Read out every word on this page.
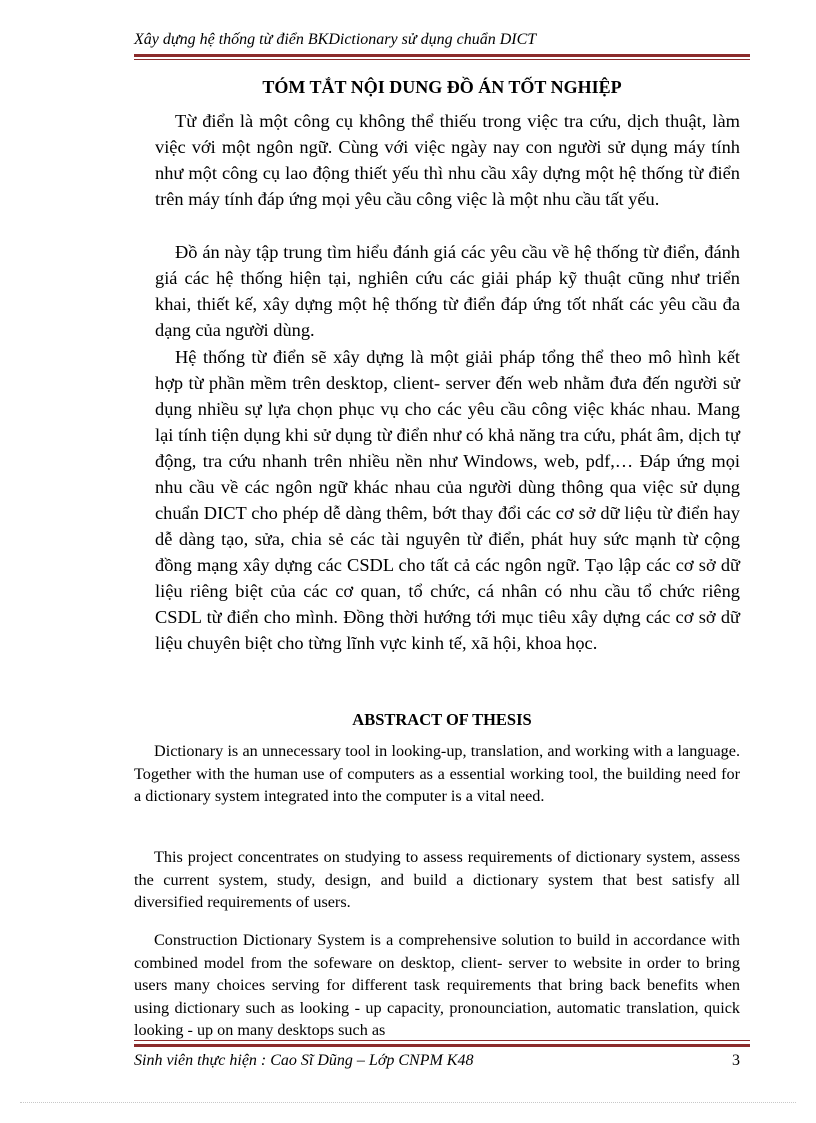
Xây dựng hệ thống từ điển BKDictionary sử dụng chuẩn DICT
TÓM TẮT NỘI DUNG ĐỒ ÁN TỐT NGHIỆP

Từ điển là một công cụ không thể thiếu trong việc tra cứu, dịch thuật, làm việc với một ngôn ngữ. Cùng với việc ngày nay con người sử dụng máy tính như một công cụ lao động thiết yếu thì nhu cầu xây dựng một hệ thống từ điển trên máy tính đáp ứng mọi yêu cầu công việc là một nhu cầu tất yếu.

Đồ án này tập trung tìm hiểu đánh giá các yêu cầu về hệ thống từ điển, đánh giá các hệ thống hiện tại, nghiên cứu các giải pháp kỹ thuật cũng như triển khai, thiết kế, xây dựng một hệ thống từ điển đáp ứng tốt nhất các yêu cầu đa dạng của người dùng.

Hệ thống từ điển sẽ xây dựng là một giải pháp tổng thể theo mô hình kết hợp từ phần mềm trên desktop, client- server đến web nhằm đưa đến người sử dụng nhiều sự lựa chọn phục vụ cho các yêu cầu công việc khác nhau. Mang lại tính tiện dụng khi sử dụng từ điển như có khả năng tra cứu, phát âm, dịch tự động, tra cứu nhanh trên nhiều nền như Windows, web, pdf,… Đáp ứng mọi nhu cầu về các ngôn ngữ khác nhau của người dùng thông qua việc sử dụng chuẩn DICT cho phép dễ dàng thêm, bớt thay đổi các cơ sở dữ liệu từ điển hay dễ dàng tạo, sửa, chia sẻ các tài nguyên từ điển, phát huy sức mạnh từ cộng đồng mạng xây dựng các CSDL cho tất cả các ngôn ngữ. Tạo lập các cơ sở dữ liệu riêng biệt của các cơ quan, tổ chức, cá nhân có nhu cầu tổ chức riêng CSDL từ điển cho mình. Đồng thời hướng tới mục tiêu xây dựng các cơ sở dữ liệu chuyên biệt cho từng lĩnh vực kinh tế, xã hội, khoa học.

ABSTRACT OF THESIS

Dictionary is an unnecessary tool in looking-up, translation, and working with a language. Together with the human use of computers as a essential working tool, the building need for a dictionary system integrated into the computer is a vital need.

This project concentrates on studying to assess requirements of dictionary system, assess the current system, study, design, and build a dictionary system that best satisfy all diversified requirements of users.

Construction Dictionary System is a comprehensive solution to build in accordance with combined model from the sofeware on desktop, client- server to website in order to bring users many choices serving for different task requirements that bring back benefits when using dictionary such as looking - up capacity, pronounciation, automatic translation, quick looking - up on many desktops such as

Sinh viên thực hiện : Cao Sĩ Dũng – Lớp CNPM K48	3
